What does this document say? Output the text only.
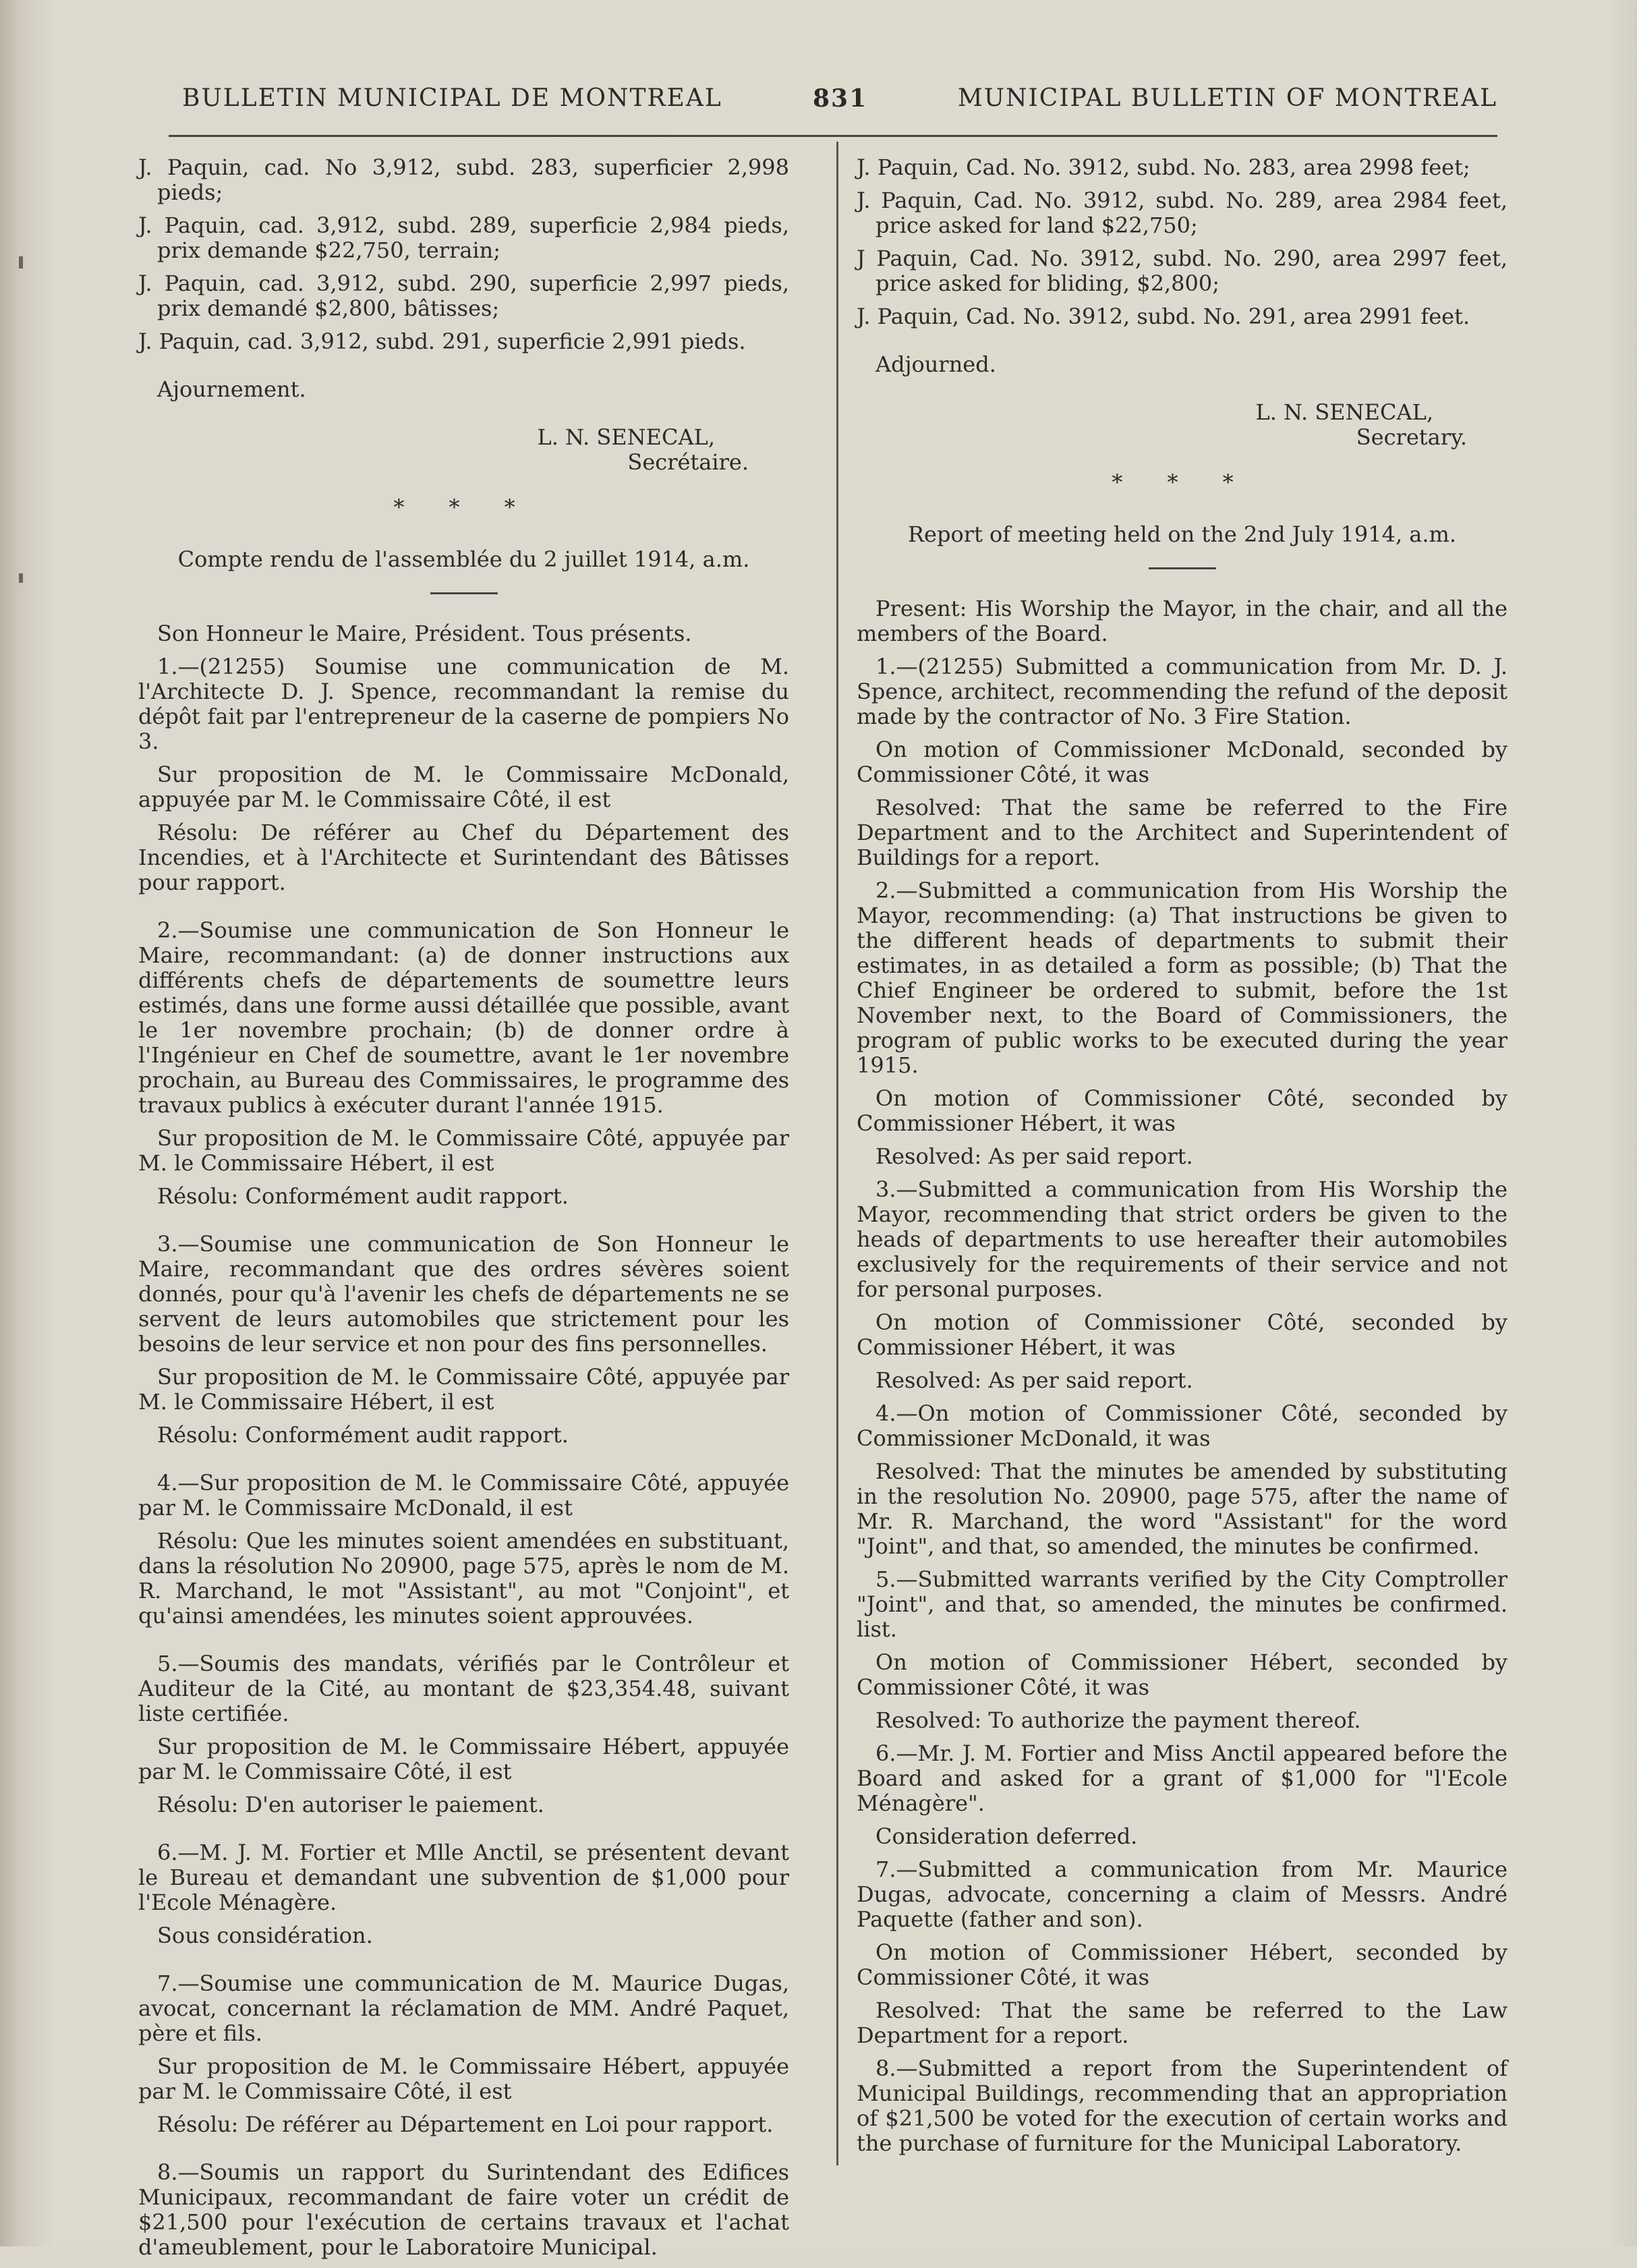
BULLETIN MUNICIPAL DE MONTREAL	831	MUNICIPAL BULLETIN OF MONTREAL

J. Paquin, cad. No 3,912, subd. 283, superficier 2,998 pieds;

J. Paquin, cad. 3,912, subd. 289, superficie 2,984 pieds, prix demande $22,750, terrain;

J. Paquin, cad. 3,912, subd. 290, superficie 2,997 pieds, prix demandé $2,800, bâtisses;

J. Paquin, cad. 3,912, subd. 291, superficie 2,991 pieds.

Ajournement.

L. N. SENECAL,

Secrétaire.

* * *

Compte rendu de l'assemblée du 2 juillet 1914, a.m.

Son Honneur le Maire, Président. Tous présents.

1.—(21255) Soumise une communication de M. l'Architecte D. J. Spence, recommandant la remise du dépôt fait par l'entrepreneur de la caserne de pompiers No 3.

Sur proposition de M. le Commissaire McDonald, appuyée par M. le Commissaire Côté, il est

Résolu: De référer au Chef du Département des Incendies, et à l'Architecte et Surintendant des Bâtisses pour rapport.

2.—Soumise une communication de Son Honneur le Maire, recommandant: (a) de donner instructions aux différents chefs de départements de soumettre leurs estimés, dans une forme aussi détaillée que possible, avant le 1er novembre prochain; (b) de donner ordre à l'Ingénieur en Chef de soumettre, avant le 1er novembre prochain, au Bureau des Commissaires, le programme des travaux publics à exécuter durant l'année 1915.

Sur proposition de M. le Commissaire Côté, appuyée par M. le Commissaire Hébert, il est

Résolu: Conformément audit rapport.

3.—Soumise une communication de Son Honneur le Maire, recommandant que des ordres sévères soient donnés, pour qu'à l'avenir les chefs de départements ne se servent de leurs automobiles que strictement pour les besoins de leur service et non pour des fins personnelles.

Sur proposition de M. le Commissaire Côté, appuyée par M. le Commissaire Hébert, il est

Résolu: Conformément audit rapport.

4.—Sur proposition de M. le Commissaire Côté, appuyée par M. le Commissaire McDonald, il est

Résolu: Que les minutes soient amendées en substituant, dans la résolution No 20900, page 575, après le nom de M. R. Marchand, le mot "Assistant", au mot "Conjoint", et qu'ainsi amendées, les minutes soient approuvées.

5.—Soumis des mandats, vérifiés par le Contrôleur et Auditeur de la Cité, au montant de $23,354.48, suivant liste certifiée.

Sur proposition de M. le Commissaire Hébert, appuyée par M. le Commissaire Côté, il est

Résolu: D'en autoriser le paiement.

6.—M. J. M. Fortier et Mlle Anctil, se présentent devant le Bureau et demandant une subvention de $1,000 pour l'Ecole Ménagère.

Sous considération.

7.—Soumise une communication de M. Maurice Dugas, avocat, concernant la réclamation de MM. André Paquet, père et fils.

Sur proposition de M. le Commissaire Hébert, appuyée par M. le Commissaire Côté, il est

Résolu: De référer au Département en Loi pour rapport.

8.—Soumis un rapport du Surintendant des Edifices Municipaux, recommandant de faire voter un crédit de $21,500 pour l'exécution de certains travaux et l'achat d'ameublement, pour le Laboratoire Municipal.

J. Paquin, Cad. No. 3912, subd. No. 283, area 2998 feet;

J. Paquin, Cad. No. 3912, subd. No. 289, area 2984 feet, price asked for land $22,750;

J Paquin, Cad. No. 3912, subd. No. 290, area 2997 feet, price asked for bliding, $2,800;

J. Paquin, Cad. No. 3912, subd. No. 291, area 2991 feet.

Adjourned.

L. N. SENECAL,

Secretary.

* * *

Report of meeting held on the 2nd July 1914, a.m.

Present: His Worship the Mayor, in the chair, and all the members of the Board.

1.—(21255) Submitted a communication from Mr. D. J. Spence, architect, recommending the refund of the deposit made by the contractor of No. 3 Fire Station.

On motion of Commissioner McDonald, seconded by Commissioner Côté, it was

Resolved: That the same be referred to the Fire Department and to the Architect and Superintendent of Buildings for a report.

2.—Submitted a communication from His Worship the Mayor, recommending: (a) That instructions be given to the different heads of departments to submit their estimates, in as detailed a form as possible; (b) That the Chief Engineer be ordered to submit, before the 1st November next, to the Board of Commissioners, the program of public works to be executed during the year 1915.

On motion of Commissioner Côté, seconded by Commissioner Hébert, it was

Resolved: As per said report.

3.—Submitted a communication from His Worship the Mayor, recommending that strict orders be given to the heads of departments to use hereafter their automobiles exclusively for the requirements of their service and not for personal purposes.

On motion of Commissioner Côté, seconded by Commissioner Hébert, it was

Resolved: As per said report.

4.—On motion of Commissioner Côté, seconded by Commissioner McDonald, it was

Resolved: That the minutes be amended by substituting in the resolution No. 20900, page 575, after the name of Mr. R. Marchand, the word "Assistant" for the word "Joint", and that, so amended, the minutes be confirmed.

5.—Submitted warrants verified by the City Comptroller "Joint", and that, so amended, the minutes be confirmed. list.

On motion of Commissioner Hébert, seconded by Commissioner Côté, it was

Resolved: To authorize the payment thereof.

6.—Mr. J. M. Fortier and Miss Anctil appeared before the Board and asked for a grant of $1,000 for "l'Ecole Ménagère".

Consideration deferred.

7.—Submitted a communication from Mr. Maurice Dugas, advocate, concerning a claim of Messrs. André Paquette (father and son).

On motion of Commissioner Hébert, seconded by Commissioner Côté, it was

Resolved: That the same be referred to the Law Department for a report.

8.—Submitted a report from the Superintendent of Municipal Buildings, recommending that an appropriation of $21,500 be voted for the execution of certain works and the purchase of furniture for the Municipal Laboratory.
